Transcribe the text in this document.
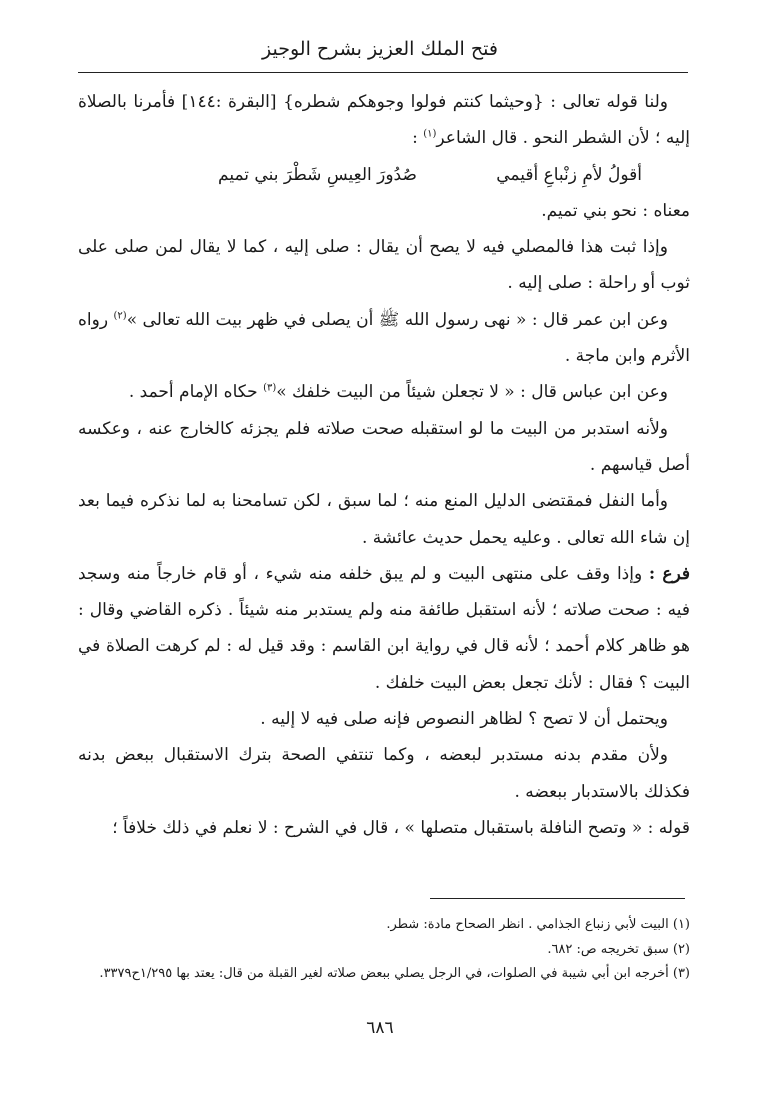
فتح الملك العزيز بشرح الوجيز

ولنا قوله تعالى : {وحيثما كنتم فولوا وجوهكم شطره} [البقرة :١٤٤] فأمرنا بالصلاة إليه ؛ لأن الشطر النحو . قال الشاعر$^{(١)}$ :

أقولُ لأمِ زنْباعِ أقيمي
صُدُورَ العِيسِ شَطْرَ بني تميم

معناه : نحو بني تميم.

وإذا ثبت هذا فالمصلي فيه لا يصح أن يقال : صلى إليه ، كما لا يقال لمن صلى على ثوب أو راحلة : صلى إليه .

وعن ابن عمر قال : « نهى رسول الله ﷺ أن يصلى في ظهر بيت الله تعالى »$^{(٢)}$ رواه الأثرم وابن ماجة .

وعن ابن عباس قال : « لا تجعلن شيئاً من البيت خلفك »$^{(٣)}$ حكاه الإمام أحمد .

ولأنه استدبر من البيت ما لو استقبله صحت صلاته فلم يجزئه كالخارج عنه ، وعكسه أصل قياسهم .

وأما النفل فمقتضى الدليل المنع منه ؛ لما سبق ، لكن تسامحنا به لما نذكره فيما بعد إن شاء الله تعالى . وعليه يحمل حديث عائشة .

فرع : وإذا وقف على منتهى البيت و لم يبق خلفه منه شيء ، أو قام خارجاً منه وسجد فيه : صحت صلاته ؛ لأنه استقبل طائفة منه ولم يستدبر منه شيئاً . ذكره القاضي وقال : هو ظاهر كلام أحمد ؛ لأنه قال في رواية ابن القاسم : وقد قيل له : لم كرهت الصلاة في البيت ؟ فقال : لأنك تجعل بعض البيت خلفك .

ويحتمل أن لا تصح ؟ لظاهر النصوص فإنه صلى فيه لا إليه .

ولأن مقدم بدنه مستدبر لبعضه ، وكما تنتفي الصحة بترك الاستقبال ببعض بدنه فكذلك بالاستدبار ببعضه .

قوله : « وتصح النافلة باستقبال متصلها » ، قال في الشرح : لا نعلم في ذلك خلافاً ؛

(١) البيت لأبي زنباع الجذامي . انظر الصحاح مادة: شطر.

(٢) سبق تخريجه ص: ٦٨٢.

(٣) أخرجه ابن أبي شيبة في الصلوات، في الرجل يصلي ببعض صلاته لغير القبلة من قال: يعتد بها ١/٢٩٥ح٣٣٧٩.

٦٨٦
